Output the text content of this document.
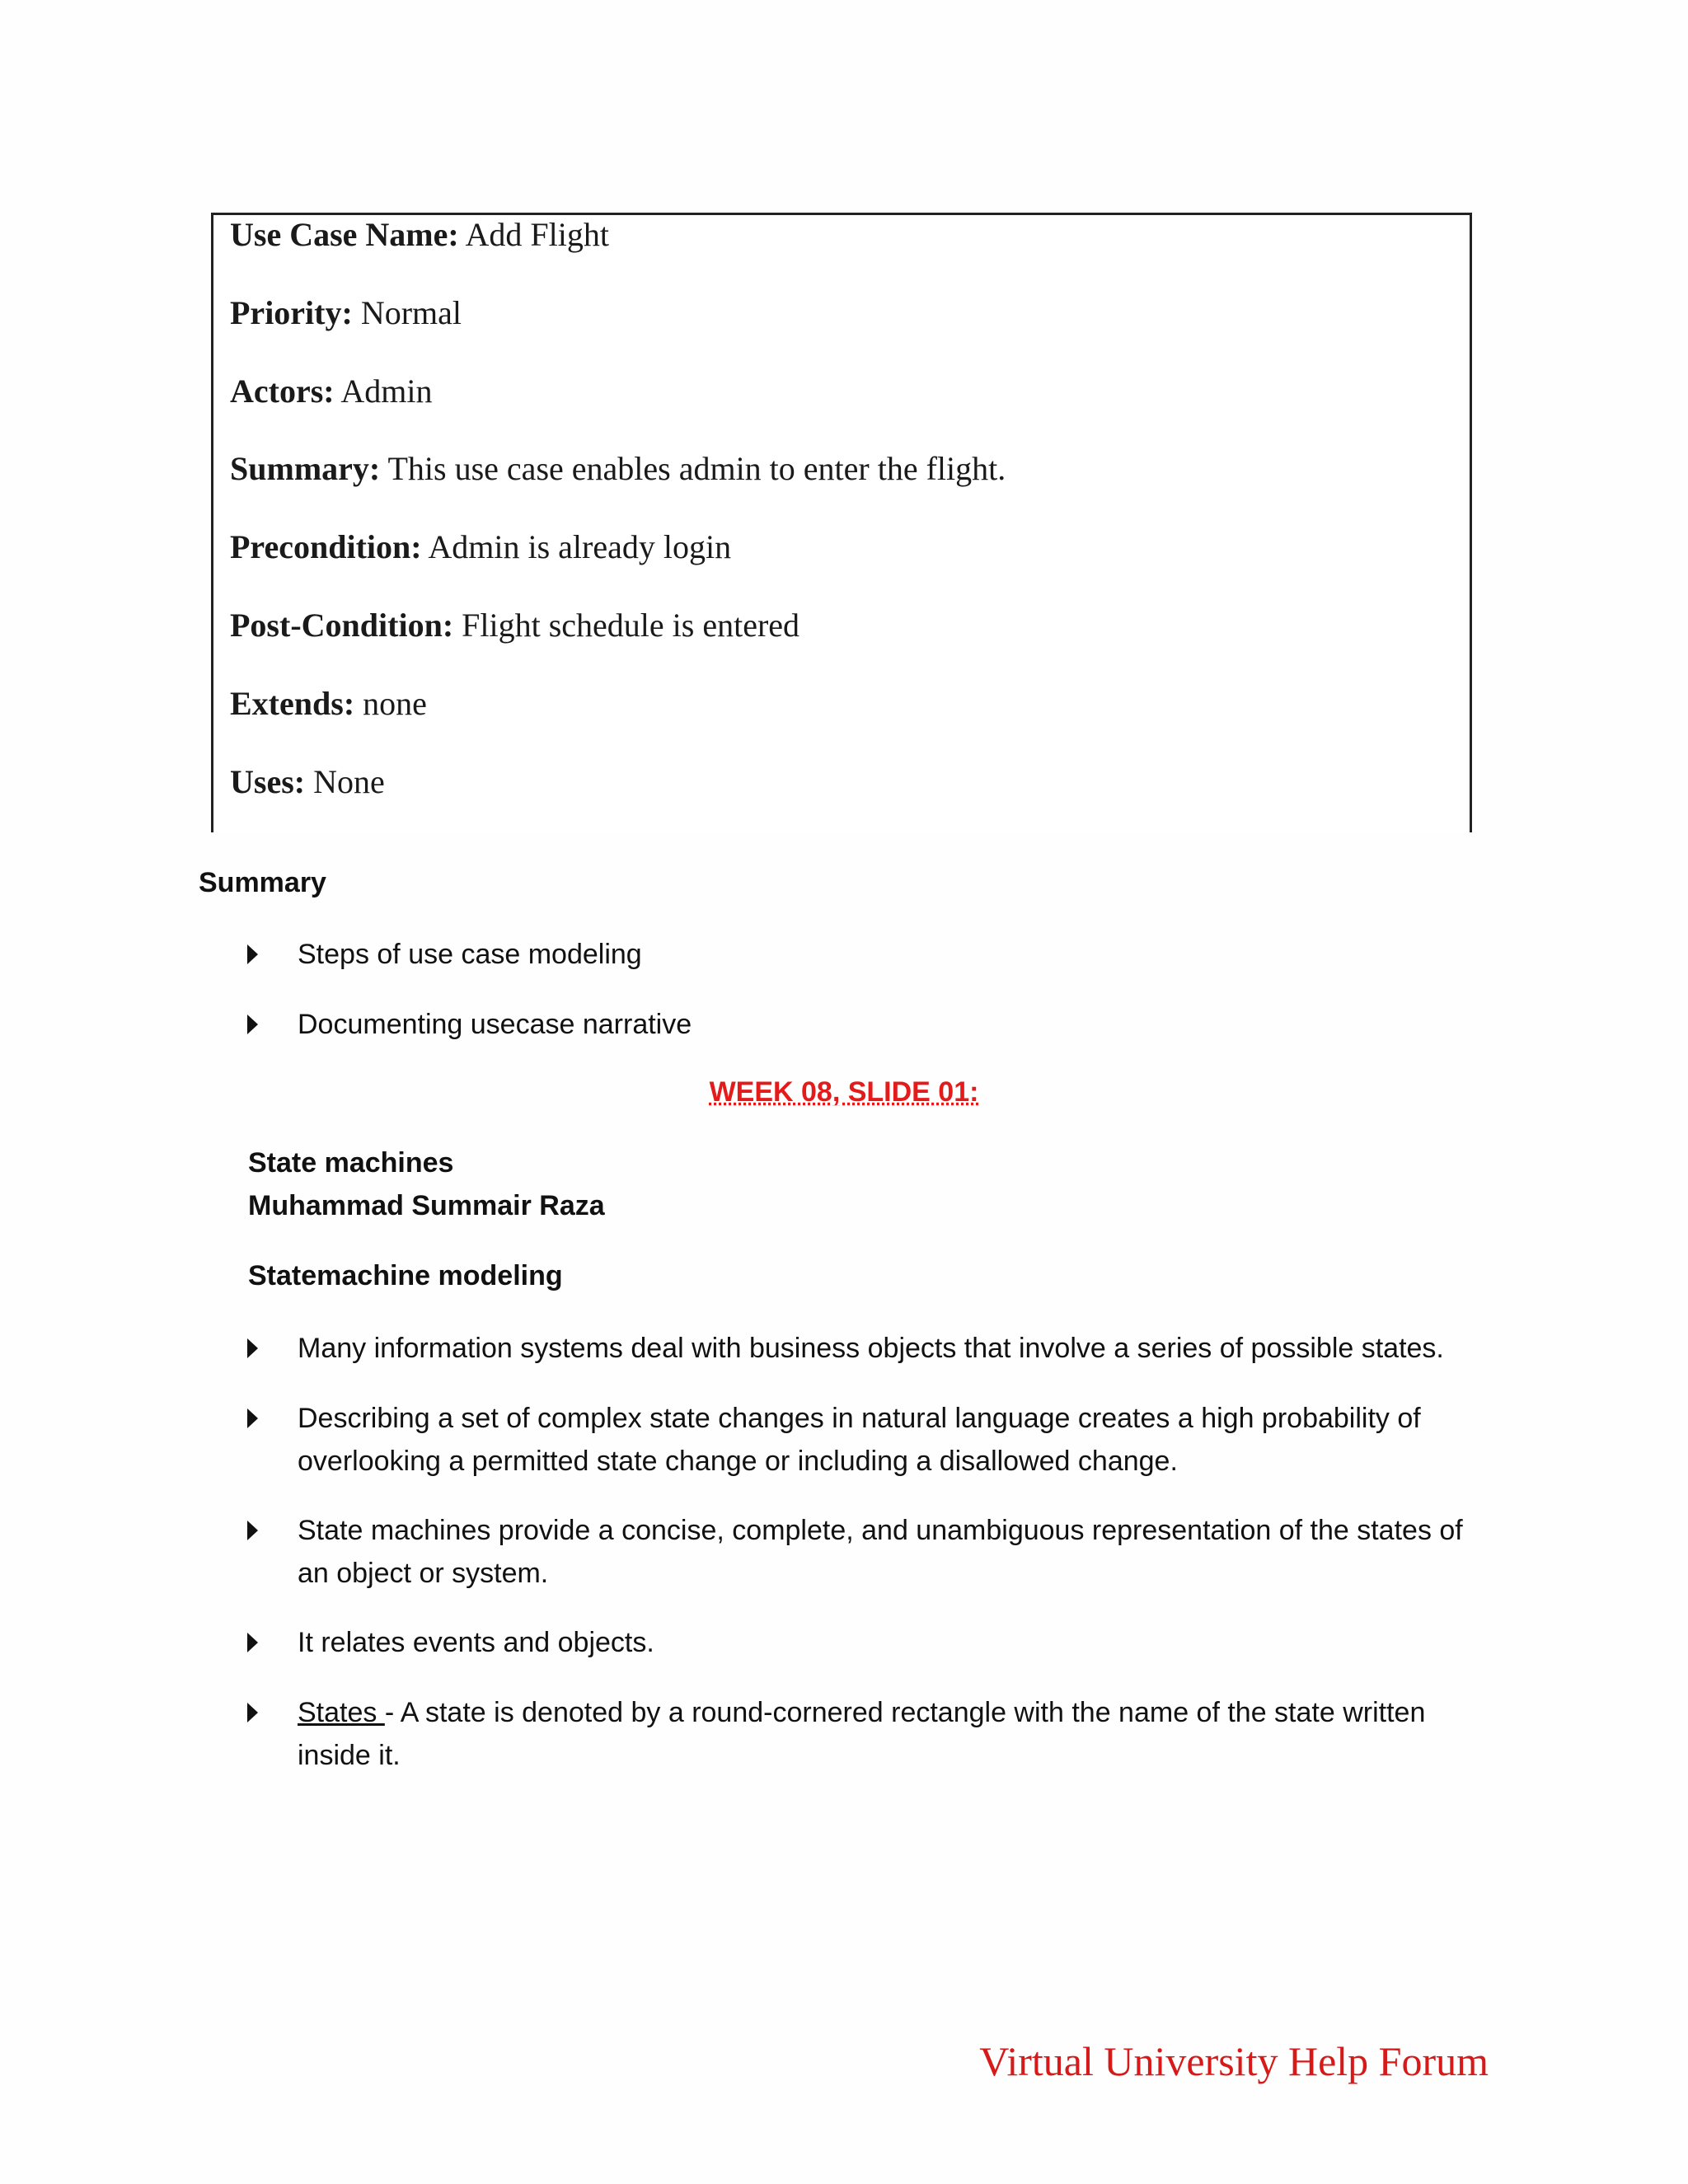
Use Case Name: Add Flight
Priority: Normal
Actors: Admin
Summary: This use case enables admin to enter the flight.
Precondition: Admin is already login
Post-Condition: Flight schedule is entered
Extends: none
Uses: None
Summary
Steps of use case modeling
Documenting usecase narrative
WEEK 08, SLIDE 01:
State machines
Muhammad Summair Raza
Statemachine modeling
Many information systems deal with business objects that involve a series of possible states.
Describing a set of complex state changes in natural language creates a high probability of overlooking a permitted state change or including a disallowed change.
State machines provide a concise, complete, and unambiguous representation of the states of an object or system.
It relates events and objects.
States - A state is denoted by a round-cornered rectangle with the name of the state written inside it.
Virtual University Help Forum
